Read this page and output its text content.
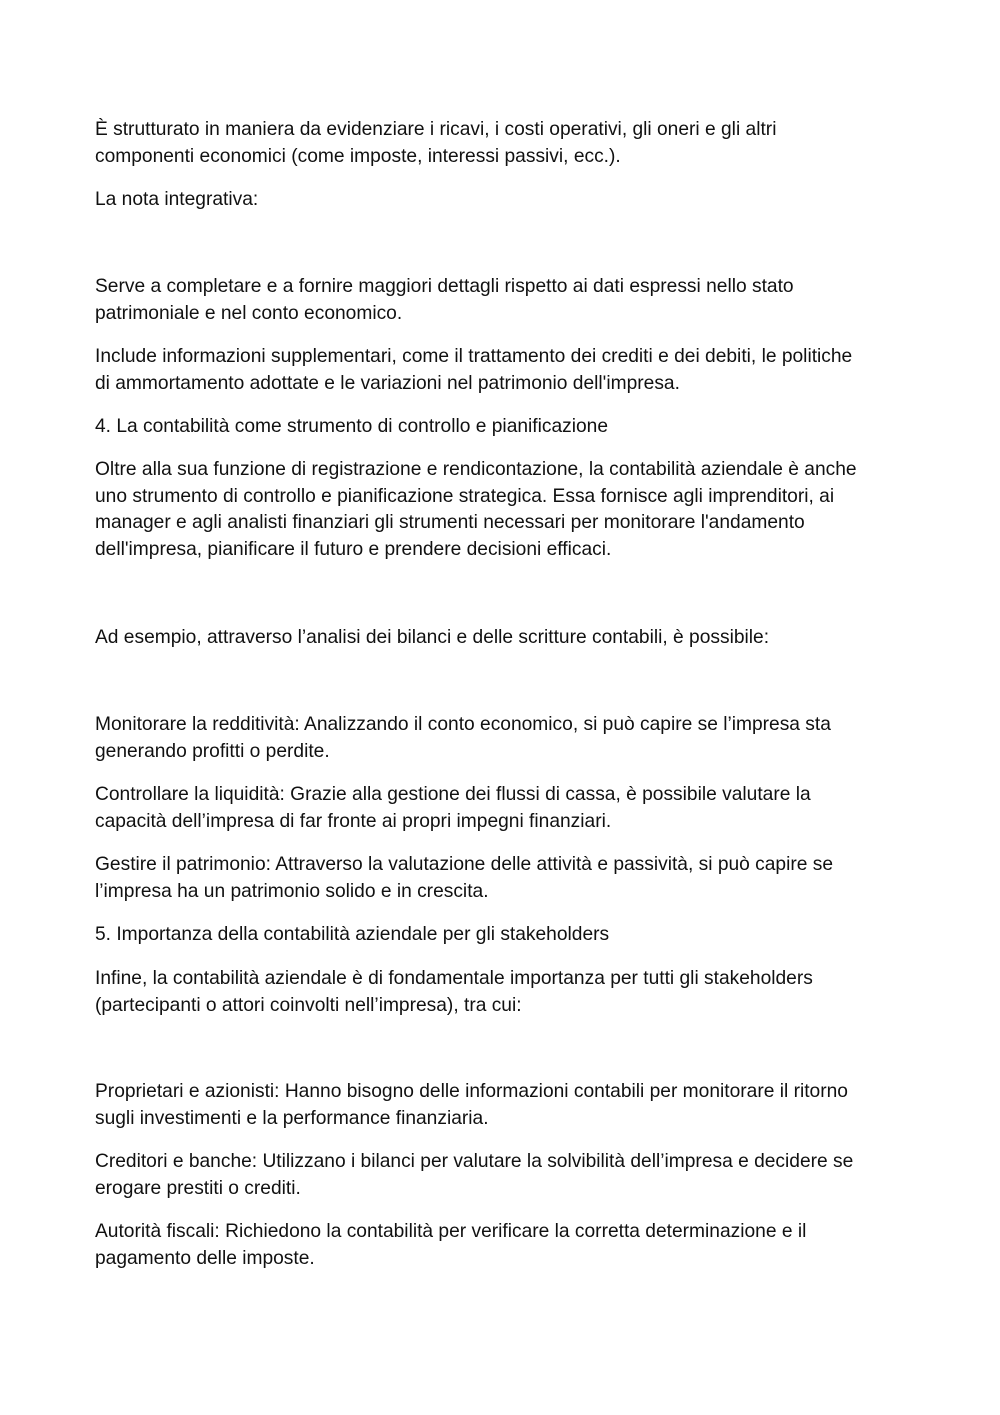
È strutturato in maniera da evidenziare i ricavi, i costi operativi, gli oneri e gli altri
componenti economici (come imposte, interessi passivi, ecc.).

La nota integrativa:

Serve a completare e a fornire maggiori dettagli rispetto ai dati espressi nello stato
patrimoniale e nel conto economico.

Include informazioni supplementari, come il trattamento dei crediti e dei debiti, le politiche
di ammortamento adottate e le variazioni nel patrimonio dell'impresa.

4. La contabilità come strumento di controllo e pianificazione

Oltre alla sua funzione di registrazione e rendicontazione, la contabilità aziendale è anche
uno strumento di controllo e pianificazione strategica. Essa fornisce agli imprenditori, ai
manager e agli analisti finanziari gli strumenti necessari per monitorare l'andamento
dell'impresa, pianificare il futuro e prendere decisioni efficaci.

Ad esempio, attraverso l’analisi dei bilanci e delle scritture contabili, è possibile:

Monitorare la redditività: Analizzando il conto economico, si può capire se l’impresa sta
generando profitti o perdite.

Controllare la liquidità: Grazie alla gestione dei flussi di cassa, è possibile valutare la
capacità dell’impresa di far fronte ai propri impegni finanziari.

Gestire il patrimonio: Attraverso la valutazione delle attività e passività, si può capire se
l’impresa ha un patrimonio solido e in crescita.

5. Importanza della contabilità aziendale per gli stakeholders

Infine, la contabilità aziendale è di fondamentale importanza per tutti gli stakeholders
(partecipanti o attori coinvolti nell’impresa), tra cui:

Proprietari e azionisti: Hanno bisogno delle informazioni contabili per monitorare il ritorno
sugli investimenti e la performance finanziaria.

Creditori e banche: Utilizzano i bilanci per valutare la solvibilità dell’impresa e decidere se
erogare prestiti o crediti.

Autorità fiscali: Richiedono la contabilità per verificare la corretta determinazione e il
pagamento delle imposte.
